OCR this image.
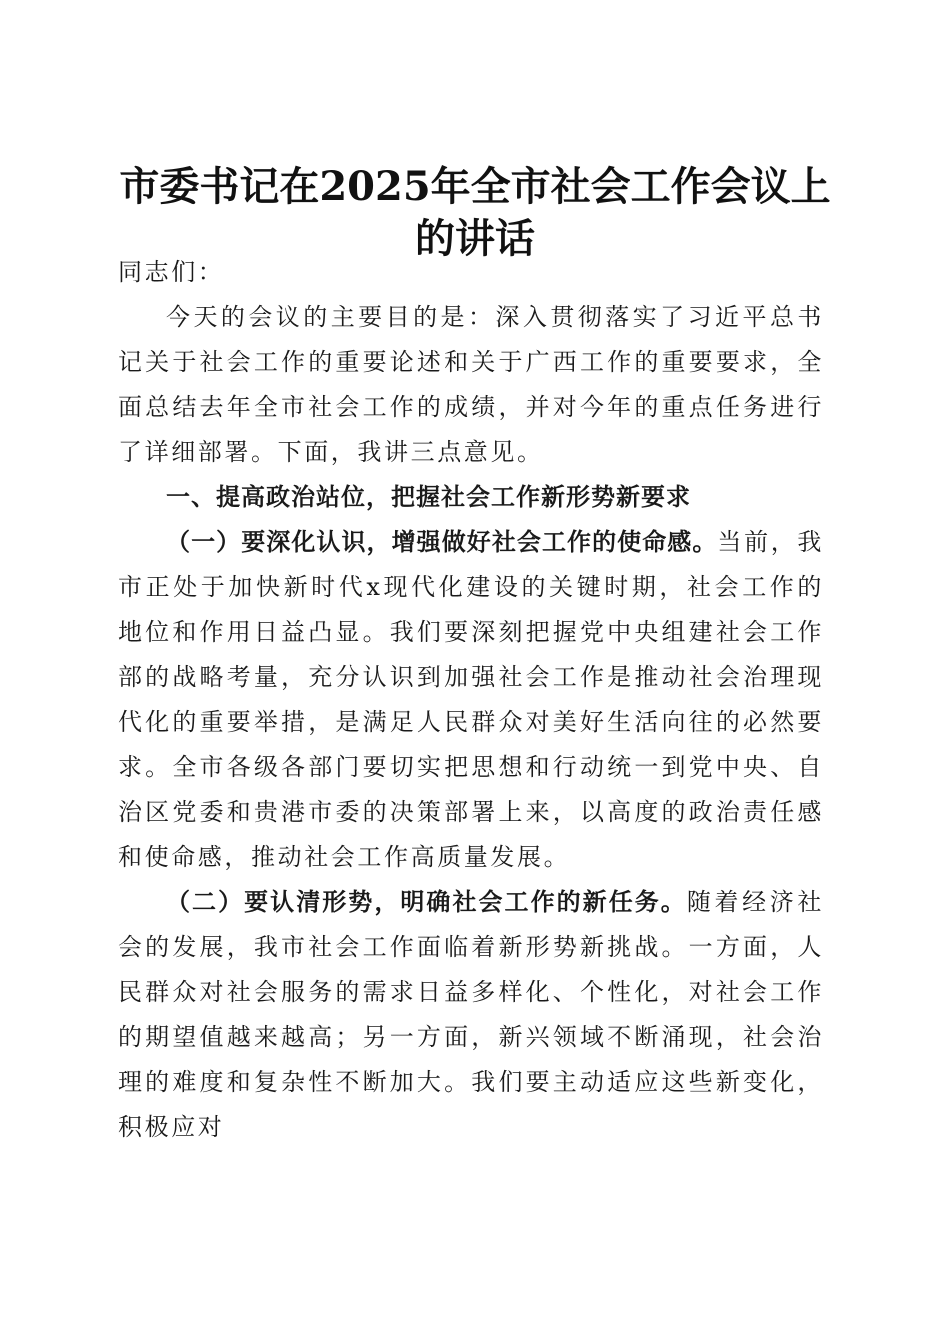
市委书记在2025年全市社会工作会议上的讲话

同志们：

今天的会议的主要目的是：深入贯彻落实了习近平总书记关于社会工作的重要论述和关于广西工作的重要要求，全面总结去年全市社会工作的成绩，并对今年的重点任务进行了详细部署。下面，我讲三点意见。

一、提高政治站位，把握社会工作新形势新要求

（一）要深化认识，增强做好社会工作的使命感。当前，我市正处于加快新时代x现代化建设的关键时期，社会工作的地位和作用日益凸显。我们要深刻把握党中央组建社会工作部的战略考量，充分认识到加强社会工作是推动社会治理现代化的重要举措，是满足人民群众对美好生活向往的必然要求。全市各级各部门要切实把思想和行动统一到党中央、自治区党委和贵港市委的决策部署上来，以高度的政治责任感和使命感，推动社会工作高质量发展。

（二）要认清形势，明确社会工作的新任务。随着经济社会的发展，我市社会工作面临着新形势新挑战。一方面，人民群众对社会服务的需求日益多样化、个性化，对社会工作的期望值越来越高；另一方面，新兴领域不断涌现，社会治理的难度和复杂性不断加大。我们要主动适应这些新变化，积极应对
